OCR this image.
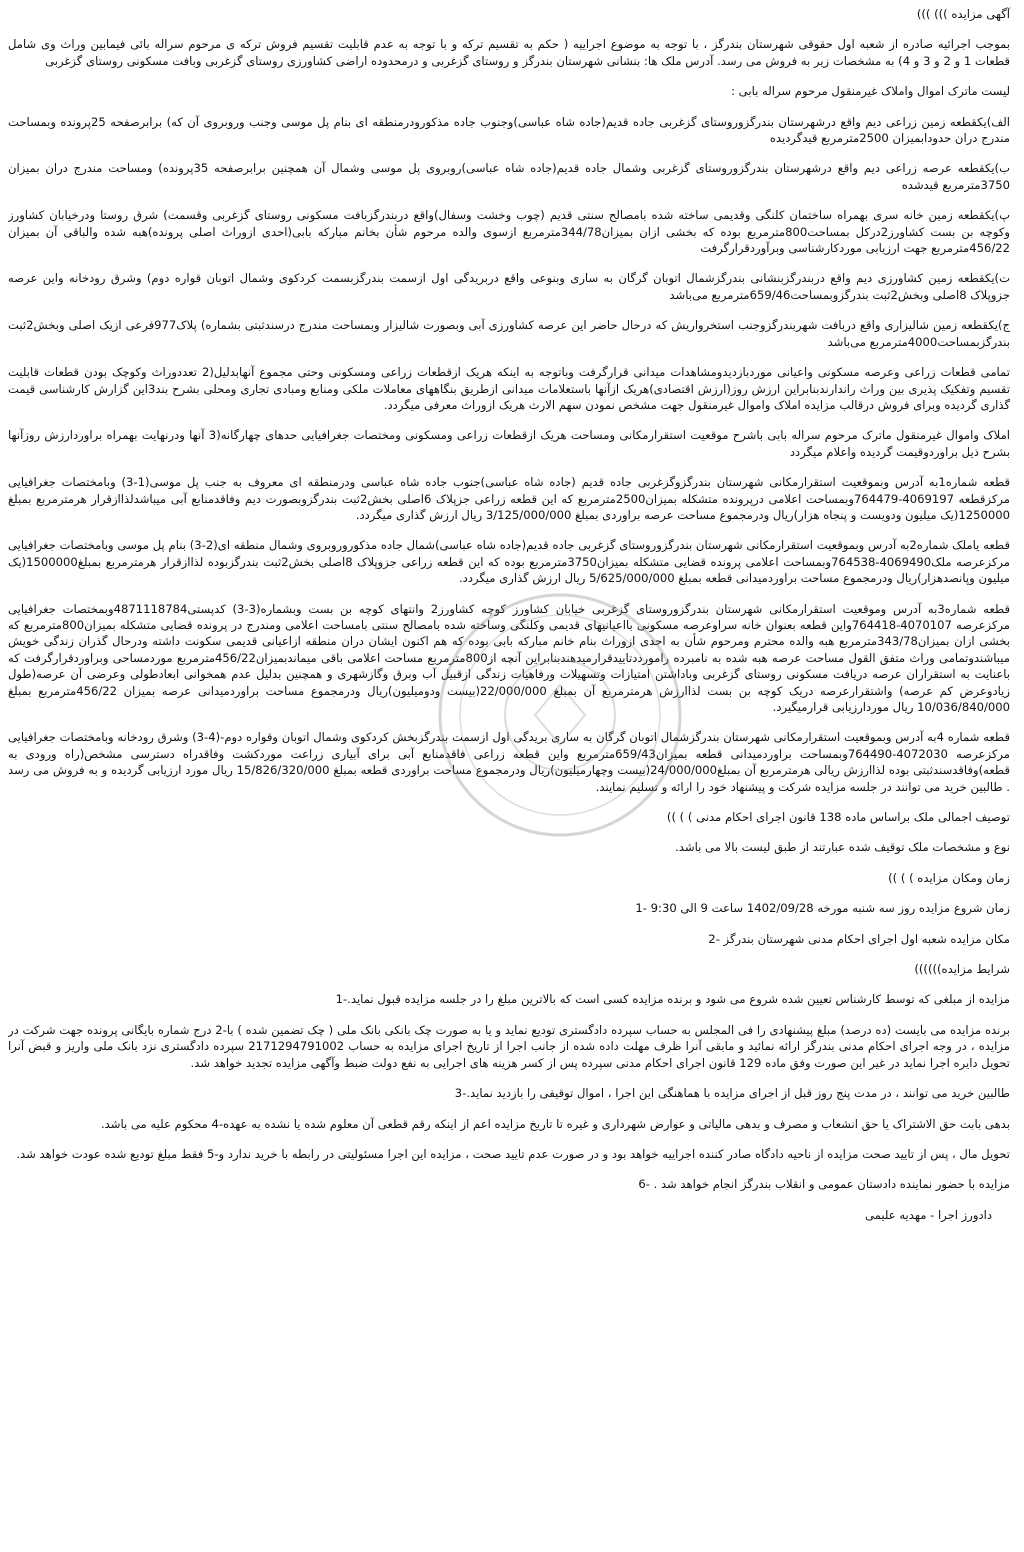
آگهی مزایده ))) )))
بموجب اجرائیه صادره از شعبه اول حقوقی شهرستان بندرگز ، با توجه به موضوع اجراییه ( حکم به تقسیم ترکه و با توجه به عدم قابلیت تقسیم فروش ترکه ی مرحوم سراله بائی فیمابین وراث وی شامل قطعات 1 و 2 و 3 و 4) به مشخصات زیر به فروش می رسد. آدرس ملک ها: بنشانی شهرستان بندرگز و روستای گزغربی و درمحدوده اراضی کشاورزی روستای گزغربی وبافت مسکونی روستای گزغربی
لیست ماترک اموال واملاک غیرمنقول مرحوم سراله بابی :
الف)یکقطعه زمین زراعی دیم واقع درشهرستان بندرگزوروستای گزغربی جاده قدیم(جاده شاه عباسی)وجنوب جاده مذکورودرمنطقه ای بنام پل موسی وجنب وروبروی آن که) برابرصفحه 25پرونده وبمساحت مندرج دران حدودابمیزان 2500مترمربع قیدگردیده
ب)یکقطعه عرصه زراعی دیم واقع درشهرستان بندرگزوروستای گزغربی وشمال جاده قدیم(جاده شاه عباسی)روبروی پل موسی وشمال آن همچنین برابرصفحه 35پرونده) ومساحت مندرج دران بمیزان 3750مترمربع قیدشده
پ)یکقطعه زمین خانه سری بهمراه ساختمان کلنگی وقدیمی ساخته شده بامصالح سنتی قدیم (چوب وخشت وسفال)واقع دربندرگزبافت مسکونی روستای گزغربی وقسمت) شرق روستا ودرخیابان کشاورز وکوچه بن بست کشاورز2درکل بمساحت800مترمربع بوده که بخشی ازان بمیزان344/78مترمربع ازسوی والده مرحوم شأن بخانم مبارکه بابی(احدی ازوراث اصلی پرونده)هبه شده والباقی آن بمیزان 456/22مترمربع جهت ارزیابی موردکارشناسی وبرآوردقرارگرفت
ت)یکقطعه زمین کشاورزی دیم واقع دربندرگزبنشانی بندرگزشمال اتوبان گرگان به ساری وبنوعی واقع دربریدگی اول ازسمت بندرگزبسمت کردکوی وشمال اتوبان قواره دوم) وشرق رودخانه واین عرصه جزوپلاک 8اصلی وبخش2ثبت بندرگزوبمساحت659/46مترمربع می‌باشد
ج)یکقطعه زمین شالیزاری واقع دربافت شهربندرگزوجنب استخرواریش که درحال حاضر این عرصه کشاورزی آبی وبصورت شالیزار وبمساحت مندرج درسندثبتی بشماره) پلاک977فرعی ازیک اصلی وبخش2ثبت بندرگزبمساحت4000مترمربع می‌باشد
تمامی قطعات زراعی وعرصه مسکونی واعیانی موردبازدیدومشاهدات میدانی قرارگرفت وباتوجه به اینکه هریک ازقطعات زراعی ومسکونی وحتی مجموع آنهابدلیل(2 تعددوراث وکوچک بودن قطعات قابلیت تقسیم وتفکیک پذیری بین وراث راندارندبنابراین ارزش روز(ارزش اقتصادی)هریک ازآنها باستعلامات میدانی ازطریق بنگاههای معاملات ملکی ومنابع ومبادی تجاری ومحلی بشرح بند3این گزارش کارشناسی قیمت گذاری گردیده وبرای فروش درقالب مزایده املاک واموال غیرمنقول جهت مشخص نمودن سهم الارث هریک ازوراث معرفی میگردد.
املاک واموال غیرمنقول ماترک مرحوم سراله بابی باشرح موقعیت استقرارمکانی ومساحت هریک ازقطعات زراعی ومسکونی ومختصات جغرافیایی حدهای چهارگانه(3 آنها ودرنهایت بهمراه براوردارزش روزآنها بشرح ذیل براوردوقیمت گردیده واعلام میگردد
قطعه شماره1به آدرس وبموقعیت استقرارمکانی شهرستان بندرگزوگزغربی جاده قدیم (جاده شاه عباسی)جنوب جاده شاه عباسی ودرمنطقه ای معروف به جنب پل موسی(1-3) وبامختصات جغرافیایی مرکزقطعه 4069197-764479وبمساحت اعلامی درپرونده متشکله بمیزان2500مترمربع که این قطعه زراعی جزپلاک 6اصلی بخش2ثبت بندرگزوبصورت دیم وفاقدمنابع آبی میباشدلذاازقرار هرمترمربع بمبلغ 1250000(یک میلیون ودویست و پنجاه هزار)ریال ودرمجموع مساحت عرصه براوردی بمبلغ 3/125/000/000 ریال ارزش گذاری میگردد.
قطعه یاملک شماره2به آدرس وبموقعیت استقرارمکانی شهرستان بندرگزوروستای گزغربی جاده قدیم(جاده شاه عباسی)شمال جاده مذکوروروبروی وشمال منطقه ای(2-3) بنام پل موسی وبامختصات جغرافیایی مرکزعرصه ملک4069490-764538وبمساحت اعلامی پرونده قضایی متشکله بمیزان3750مترمربع بوده که این قطعه زراعی جزوپلاک 8اصلی بخش2ثبت بندرگزبوده لذاازقرار هرمترمربع بمبلغ1500000(یک میلیون وپانصدهزار)ریال ودرمجموع مساحت براوردمیدانی قطعه بمبلغ 5/625/000/000 ریال ارزش گذاری میگردد.
قطعه شماره3به آدرس وموقعیت استقرارمکانی شهرستان بندرگزوروستای گزغربی خیابان کشاورز کوچه کشاورز2 وانتهای کوچه بن بست وبشماره(3-3) کدپستی4871118784وبمختصات جغرافیایی مرکزعرصه 4070107-764418واین قطعه بعنوان خانه سراوعرصه مسکونی بااعیانیهای قدیمی وکلنگی وساخته شده بامصالح سنتی بامساحت اعلامی ومندرج در پرونده قضایی متشکله بمیزان800مترمربع که بخشی ازان بمیزان343/78مترمربع هبه والده محترم ومرحوم شأن به احدی ازوراث بنام خانم مبارکه بابی بوده که هم اکنون ایشان دران منطقه ازاعیانی قدیمی سکونت داشته ودرحال گذران زندگی خویش میباشندوتمامی وراث متفق القول مساحت عرصه هبه شده به نامبرده رامورددتاییدقرارمیدهندبنابراین آنچه از800مترمربع مساحت اعلامی باقی میماندبمیزان456/22مترمربع موردمساحی وبراوردقرارگرفت که باعنایت به استقراران عرصه دریافت مسکونی روستای گزغربی وباداشتن امتیازات وتسهیلات ورفاهیات زندگی ازقبیل آب وبرق وگازشهری و همچنین بدلیل عدم همخوانی ابعادطولی وعرضی آن عرصه(طول زیادوعرض کم عرصه) واشتقرارعرصه دریک کوچه بن بست لذاارزش هرمترمربع آن بمبلغ 22/000/000(بیست ودومیلیون)ریال ودرمجموع مساحت براوردمیدانی عرصه بمیزان 456/22مترمربع بمبلغ 10/036/840/000 ریال موردارزیابی قرارمیگیرد.
قطعه شماره 4به آدرس وبموقعیت استقرارمکانی شهرستان بندرگزشمال اتوبان گرگان به ساری بریدگی اول ازسمت بندرگزبخش کردکوی وشمال اتوبان وقواره دوم-(4-3) وشرق رودخانه وبامختصات جغرافیایی مرکزعرصه 4072030-764490وبمساحت براوردمیدانی قطعه بمیزان659/43مترمربع واین قطعه زراعی فاقدمنابع آبی برای آبیاری زراعت موردکشت وفاقدراه دسترسی مشخص(راه ورودی به قطعه)وفاقدسندثبتی بوده لذاارزش ریالی هرمترمربع آن بمبلغ24/000/000(بیست وچهارمیلیون)ریال ودرمجموع مساحت براوردی قطعه بمبلغ 15/826/320/000 ریال مورد ارزیابی گردیده و به فروش می رسد . طالبین خرید می توانند در جلسه مزایده شرکت و پیشنهاد خود را ارائه و تسلیم نمایند.
توصیف اجمالی ملک براساس ماده 138 قانون اجرای احکام مدنی ) ) ))
نوع و مشخصات ملک توقیف شده عبارتند از طبق لیست بالا می باشد.
زمان ومکان مزایده ) ) ))
زمان شروع مزایده روز سه شنبه مورخه 1402/09/28 ساعت 9 الی 9:30 -1
مکان مزایده شعبه اول اجرای احکام مدنی شهرستان بندرگز -2
شرایط مزایده))))))
مزایده از مبلغی که توسط کارشناس تعیین شده شروع می شود و برنده مزایده کسی است که بالاترین مبلغ را در جلسه مزایده قبول نماید.-1
برنده مزایده می بایست (ده درصد) مبلغ پیشنهادی را فی المجلس به حساب سپرده دادگستری تودیع نماید و یا به صورت چک بانکی بانک ملی ( چک تضمین شده ) با-2 درج شماره بایگانی پرونده جهت شرکت در مزایده ، در وجه اجرای احکام مدنی بندرگز ارائه نمائید و مابقی آنرا ظرف مهلت داده شده از جانب اجرا از تاریخ اجرای مزایده به حساب 2171294791002 سپرده دادگستری نزد بانک ملی واریز و قبض آنرا تحویل دایره اجرا نماید در غیر این صورت وفق ماده 129 قانون اجرای احکام مدنی سپرده پس از کسر هزینه های اجرایی به نفع دولت ضبط وآگهی مزایده تجدید خواهد شد.
طالبین خرید می توانند ، در مدت پنج روز قبل از اجرای مزایده با هماهنگی این اجرا ، اموال توقیفی را بازدید نماید.-3
بدهی بابت حق الاشتراک یا حق انشعاب و مصرف و بدهی مالیاتی و عوارض شهرداری و غیره تا تاریخ مزایده اعم از اینکه رقم قطعی آن معلوم شده یا نشده به عهده-4 محکوم علیه می باشد.
تحویل مال ، پس از تایید صحت مزایده از ناحیه دادگاه صادر کننده اجراییه خواهد بود و در صورت عدم تایید صحت ، مزایده این اجرا مسئولیتی در رابطه با خرید ندارد و-5 فقط مبلغ تودیع شده عودت خواهد شد.
مزایده با حضور نماینده دادستان عمومی و انقلاب بندرگز انجام خواهد شد . -6
دادورز اجرا - مهدیه علیمی
